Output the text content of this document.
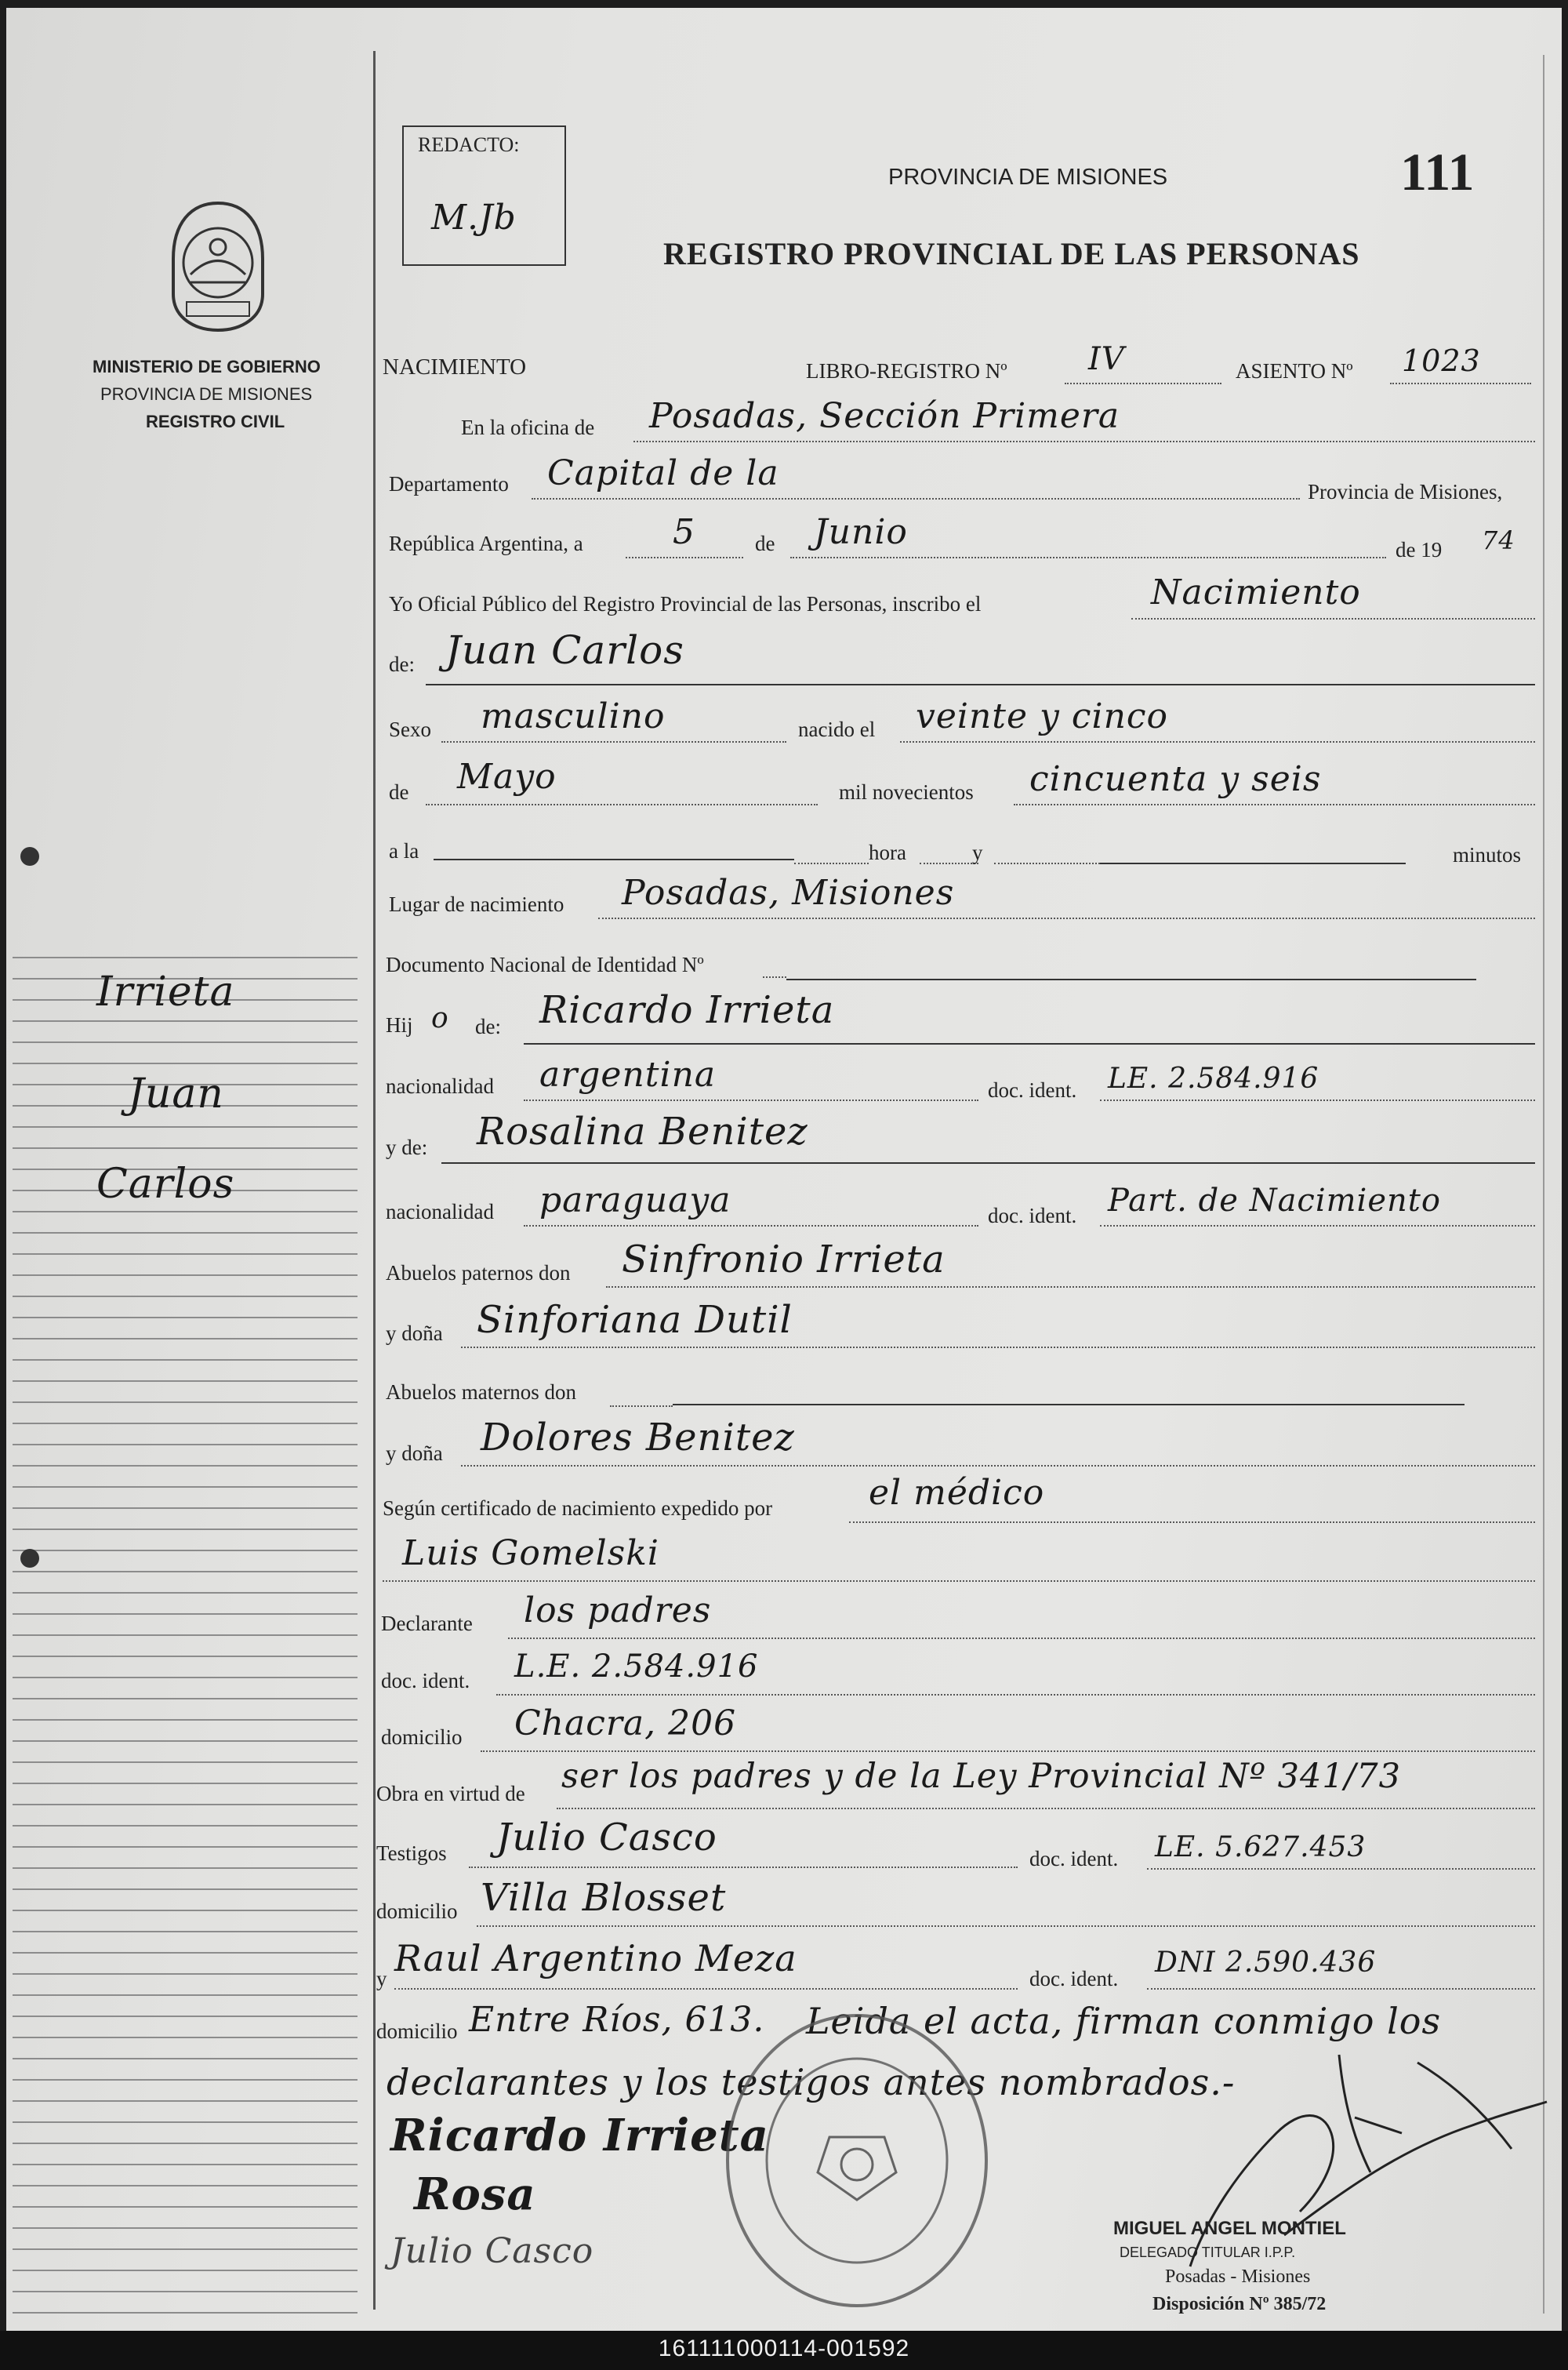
MINISTERIO DE GOBIERNO
PROVINCIA DE MISIONES
REGISTRO CIVIL
Irrieta
Juan
Carlos
REDACTO:
M.Jb
PROVINCIA DE MISIONES	111
REGISTRO PROVINCIAL DE LAS PERSONAS
NACIMIENTO	LIBRO-REGISTRO Nº	IV	ASIENTO Nº 1023
En la oficina de Posadas, Sección Primera
Departamento Capital de la	Provincia de Misiones,
República Argentina, a	5	de Junio	de 19 74
Yo Oficial Público del Registro Provincial de las Personas, inscribo el	Nacimiento
de: Juan Carlos
Sexo masculino	nacido el veinte y cinco
de Mayo	mil novecientos cincuenta y seis
a la	hora	y	minutos
Lugar de nacimiento Posadas, Misiones
Documento Nacional de Identidad Nº
Hij o de: Ricardo Irrieta
nacionalidad argentina	doc. ident. LE. 2.584.916
y de: Rosalina Benitez
nacionalidad paraguaya	doc. ident. Part. de Nacimiento
Abuelos paternos don Sinfronio Irrieta
y doña Sinforiana Dutil
Abuelos maternos don
y doña Dolores Benitez
Según certificado de nacimiento expedido por	el médico
Luis Gomelski
Declarante los padres
doc. ident. L.E. 2.584.916
domicilio Chacra, 206
Obra en virtud de ser los padres y de la Ley Provincial Nº 341/73
Testigos Julio Casco	doc. ident. LE. 5.627.453
domicilio Villa Blosset
y Raul Argentino Meza	doc. ident. DNI 2.590.436
domicilio Entre Ríos, 613. Leida el acta, firman conmigo los
declarantes y los testigos antes nombrados.-
Ricardo Irrieta
Rosa
Julio Casco
MIGUEL ANGEL MONTIEL
DELEGADO TITULAR I.P.P.
Posadas - Misiones
Disposición Nº 385/72
161111000114-001592
